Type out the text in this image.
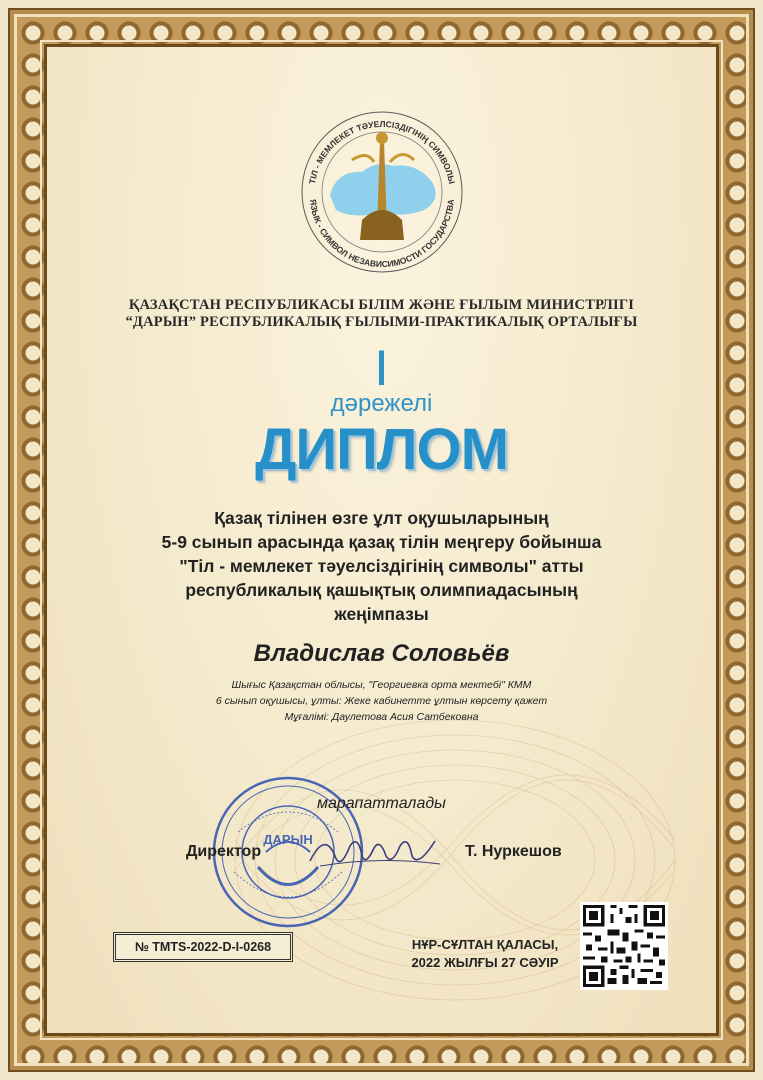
ТІЛ - МЕМЛЕКЕТ ТӘУЕЛСІЗДІГІНІҢ СИМВОЛЫ
ЯЗЫК - СИМВОЛ НЕЗАВИСИМОСТИ ГОСУДАРСТВА
ҚАЗАҚСТАН РЕСПУБЛИКАСЫ БІЛІМ ЖӘНЕ ҒЫЛЫМ МИНИСТРЛІГІ
“ДАРЫН” РЕСПУБЛИКАЛЫҚ ҒЫЛЫМИ-ПРАКТИКАЛЫҚ ОРТАЛЫҒЫ
I
дәрежелі
ДИПЛОМ
Қазақ тілінен өзге ұлт оқушыларының
5-9 сынып арасында қазақ тілін меңгеру бойынша
"Тіл - мемлекет тәуелсіздігінің символы" атты
республикалық қашықтық олимпиадасының
жеңімпазы
Владислав Соловьёв
Шығыс Қазақстан облысы, "Георгиевка орта мектебі" КММ
6 сынып оқушысы, ұлты: Жеке кабинетте ұлтын көрсету қажет
Мұғалімі: Даулетова Асия Сатбековна
ДАРЫН
марапатталады
Директор	Т. Нуркешов
№ TMTS-2022-D-I-0268	НҰР-СҰЛТАН ҚАЛАСЫ,
2022 ЖЫЛҒЫ 27 СӘУІР
